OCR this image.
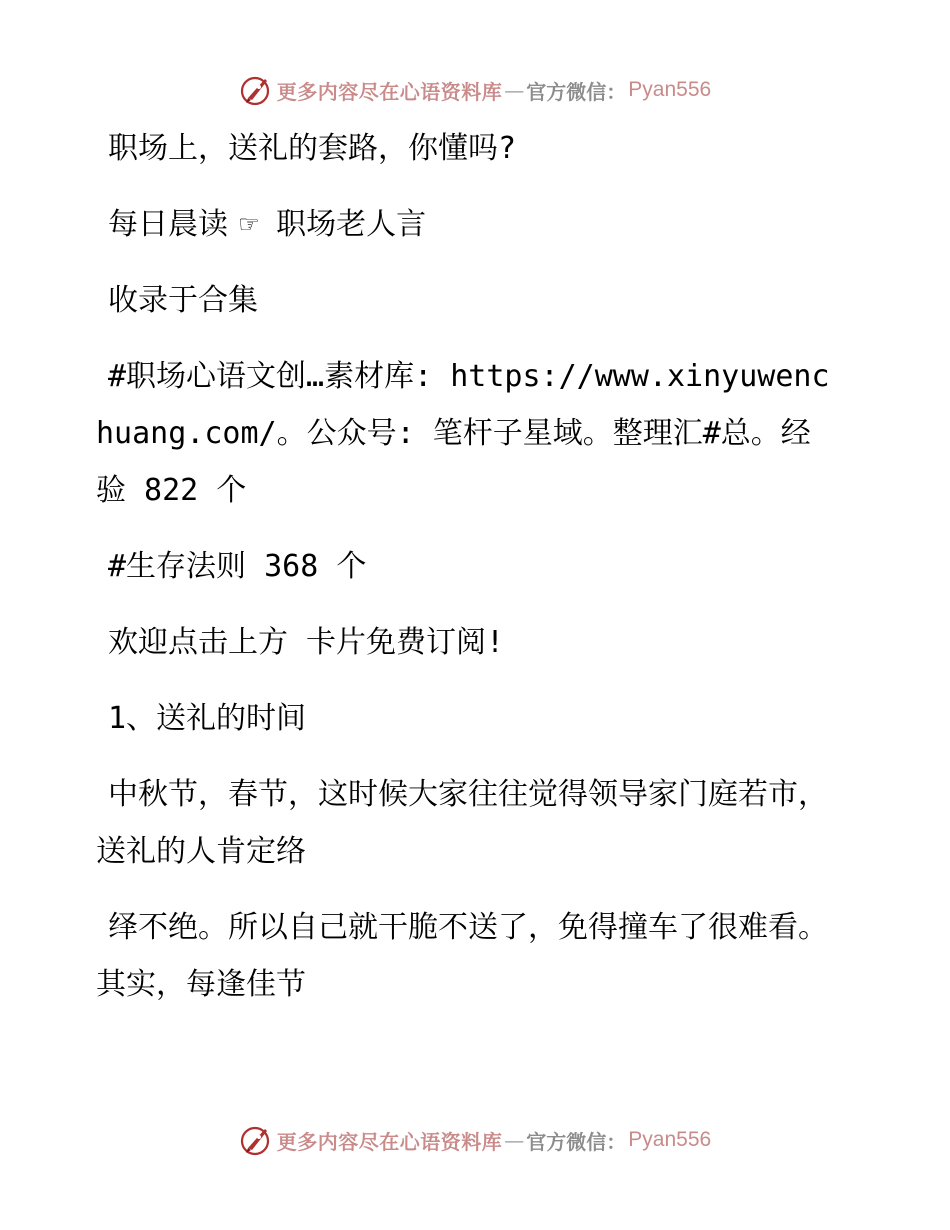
更多内容尽在心语资料库 — 官方微信： Pyan556

职场上，送礼的套路，你懂吗?

每日晨读 ☞ 职场老人言

收录于合集

#职场心语文创…素材库: https://www.xinyuwenchuang.com/。公众号: 笔杆子星域。整理汇#总。经验 822 个

#生存法则 368 个

欢迎点击上方 卡片免费订阅!

1、送礼的时间

中秋节，春节，这时候大家往往觉得领导家门庭若市，送礼的人肯定络

绎不绝。所以自己就干脆不送了，免得撞车了很难看。其实，每逢佳节

更多内容尽在心语资料库 — 官方微信： Pyan556
